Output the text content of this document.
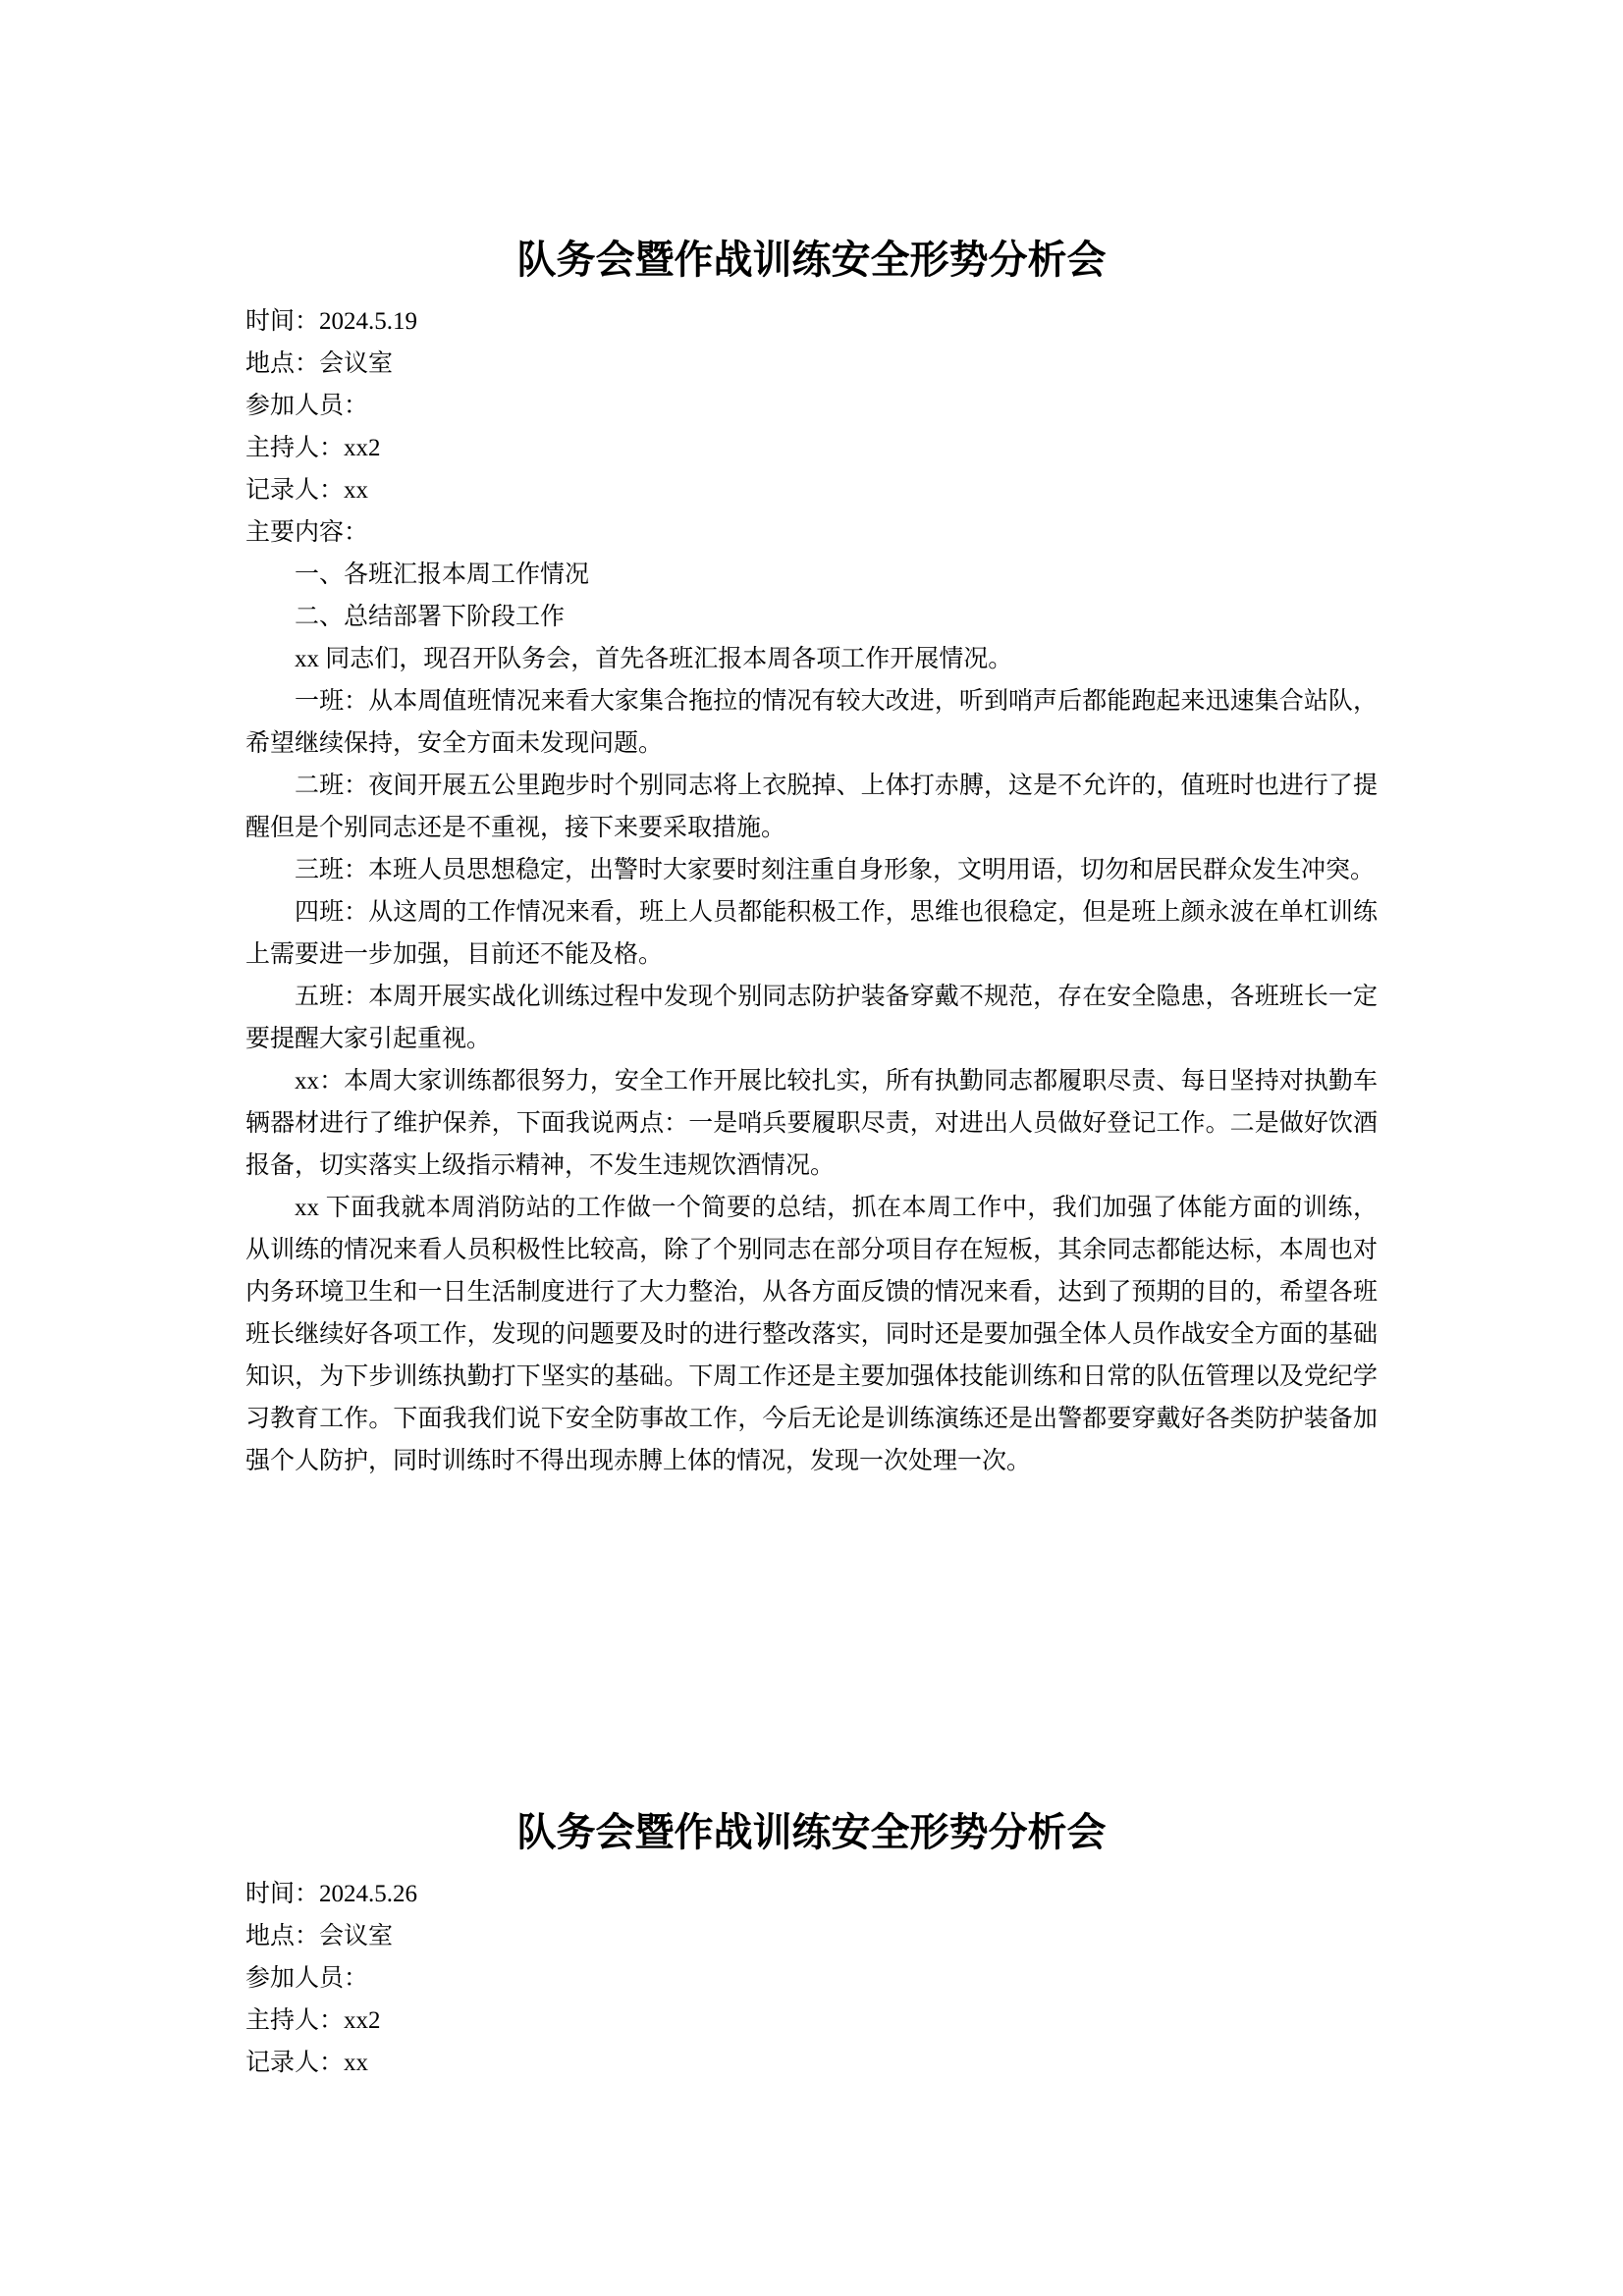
队务会暨作战训练安全形势分析会

时间：2024.5.19

地点：会议室

参加人员：

主持人：xx2

记录人：xx

主要内容：

一、各班汇报本周工作情况

二、总结部署下阶段工作

xx 同志们，现召开队务会，首先各班汇报本周各项工作开展情况。

一班：从本周值班情况来看大家集合拖拉的情况有较大改进，听到哨声后都能跑起来迅速集合站队，希望继续保持，安全方面未发现问题。

二班：夜间开展五公里跑步时个别同志将上衣脱掉、上体打赤膊，这是不允许的，值班时也进行了提醒但是个别同志还是不重视，接下来要采取措施。

三班：本班人员思想稳定，出警时大家要时刻注重自身形象，文明用语，切勿和居民群众发生冲突。

四班：从这周的工作情况来看，班上人员都能积极工作，思维也很稳定，但是班上颜永波在单杠训练上需要进一步加强，目前还不能及格。

五班：本周开展实战化训练过程中发现个别同志防护装备穿戴不规范，存在安全隐患，各班班长一定要提醒大家引起重视。

xx：本周大家训练都很努力，安全工作开展比较扎实，所有执勤同志都履职尽责、每日坚持对执勤车辆器材进行了维护保养，下面我说两点：一是哨兵要履职尽责，对进出人员做好登记工作。二是做好饮酒报备，切实落实上级指示精神，不发生违规饮酒情况。

xx 下面我就本周消防站的工作做一个简要的总结，抓在本周工作中，我们加强了体能方面的训练，从训练的情况来看人员积极性比较高，除了个别同志在部分项目存在短板，其余同志都能达标，本周也对内务环境卫生和一日生活制度进行了大力整治，从各方面反馈的情况来看，达到了预期的目的，希望各班班长继续好各项工作，发现的问题要及时的进行整改落实，同时还是要加强全体人员作战安全方面的基础知识，为下步训练执勤打下坚实的基础。下周工作还是主要加强体技能训练和日常的队伍管理以及党纪学习教育工作。下面我我们说下安全防事故工作，今后无论是训练演练还是出警都要穿戴好各类防护装备加强个人防护，同时训练时不得出现赤膊上体的情况，发现一次处理一次。

队务会暨作战训练安全形势分析会

时间：2024.5.26

地点：会议室

参加人员：

主持人：xx2

记录人：xx
